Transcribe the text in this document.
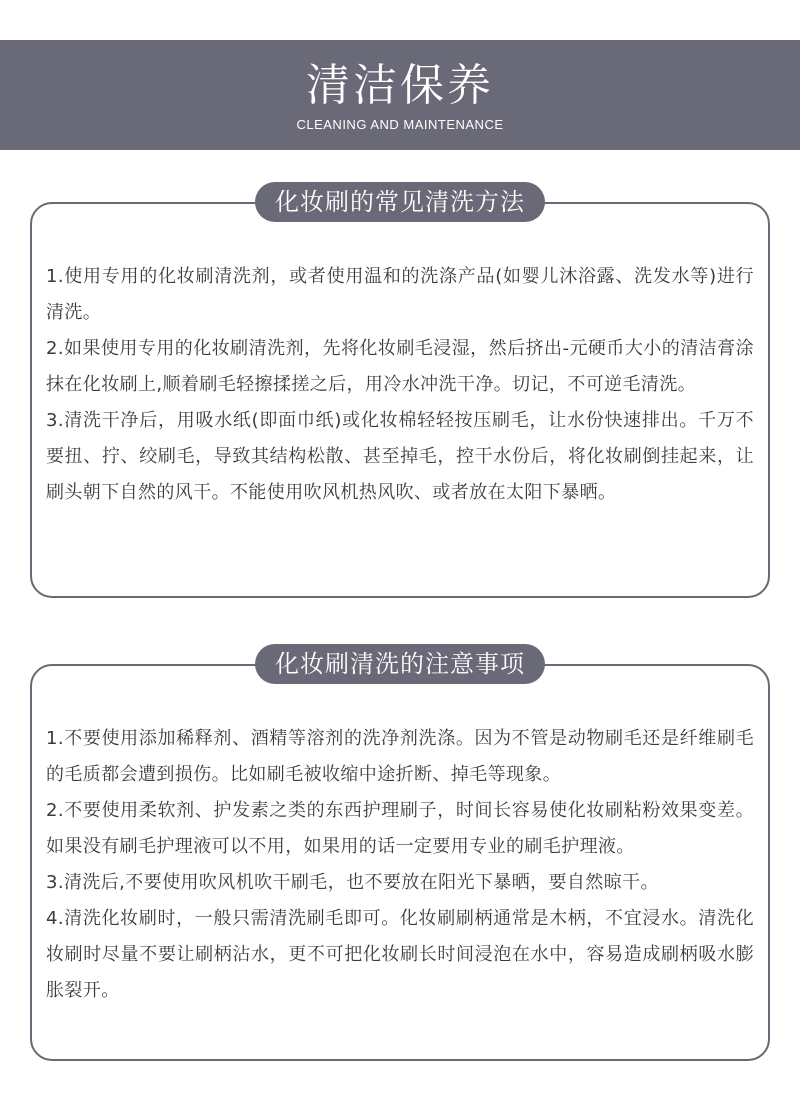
清洁保养
CLEANING AND MAINTENANCE
化妆刷的常见清洗方法

1.使用专用的化妆刷清洗剂，或者使用温和的洗涤产品(如婴儿沐浴露、洗发水等)进行清洗。

2.如果使用专用的化妆刷清洗剂，先将化妆刷毛浸湿，然后挤出-元硬币大小的清洁膏涂抹在化妆刷上,顺着刷毛轻擦揉搓之后，用冷水冲洗干净。切记，不可逆毛清洗。

3.清洗干净后，用吸水纸(即面巾纸)或化妆棉轻轻按压刷毛，让水份快速排出。千万不要扭、拧、绞刷毛，导致其结构松散、甚至掉毛，控干水份后，将化妆刷倒挂起来，让刷头朝下自然的风干。不能使用吹风机热风吹、或者放在太阳下暴晒。

化妆刷清洗的注意事项

1.不要使用添加稀释剂、酒精等溶剂的洗净剂洗涤。因为不管是动物刷毛还是纤维刷毛的毛质都会遭到损伤。比如刷毛被收缩中途折断、掉毛等现象。

2.不要使用柔软剂、护发素之类的东西护理刷子，时间长容易使化妆刷粘粉效果变差。如果没有刷毛护理液可以不用，如果用的话一定要用专业的刷毛护理液。

3.清洗后,不要使用吹风机吹干刷毛，也不要放在阳光下暴晒，要自然晾干。

4.清洗化妆刷时，一般只需清洗刷毛即可。化妆刷刷柄通常是木柄，不宜浸水。清洗化妆刷时尽量不要让刷柄沾水，更不可把化妆刷长时间浸泡在水中，容易造成刷柄吸水膨胀裂开。
